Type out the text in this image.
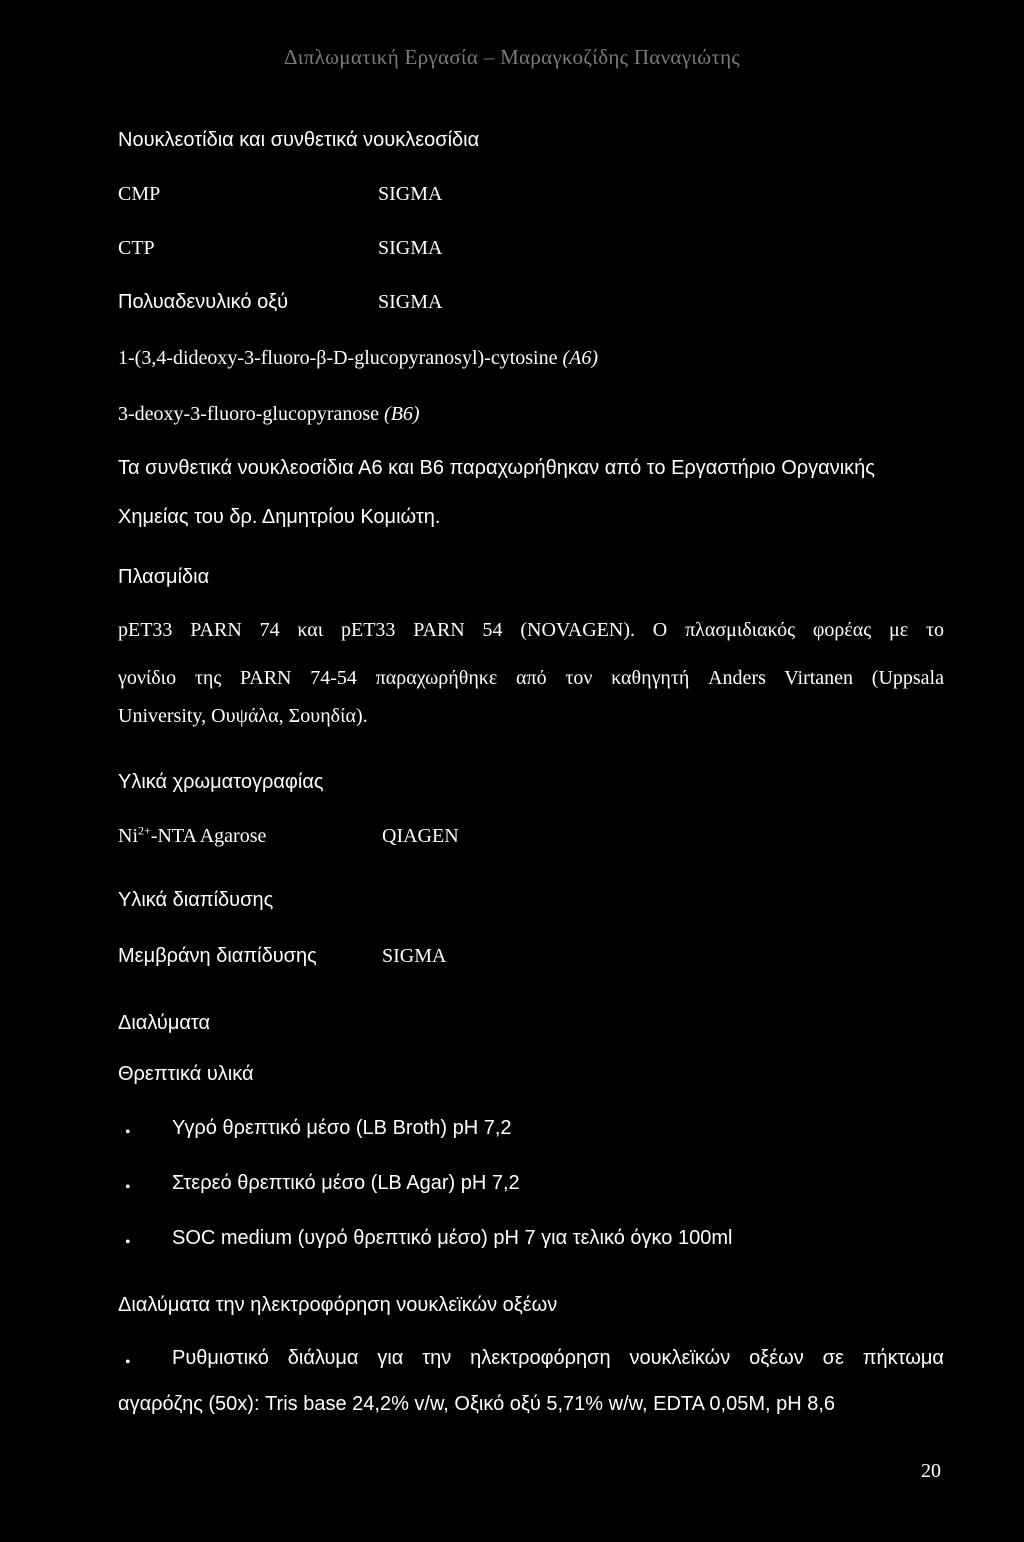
Διπλωματική Εργασία – Μαραγκοζίδης Παναγιώτης
Νουκλεοτίδια και συνθετικά νουκλεοσίδια
CMP	SIGMA
CTP	SIGMA
Πολυαδενυλικό οξύ	SIGMA
1-(3,4-dideoxy-3-fluoro-β-D-glucopyranosyl)-cytosine (Α6)
3-deoxy-3-fluoro-glucopyranose (Β6)
Τα συνθετικά νουκλεοσίδια Α6 και Β6 παραχωρήθηκαν από το Εργαστήριο Οργανικής
Χημείας του δρ. Δημητρίου Κομιώτη.
Πλασμίδια
pET33 PARN 74 και pET33 PARN 54 (NOVAGEN). Ο πλασμιδιακός φορέας με το
γονίδιο της PARN 74-54 παραχωρήθηκε από τον καθηγητή Anders Virtanen (Uppsala
University, Ουψάλα, Σουηδία).
Υλικά χρωματογραφίας
$Ni^{2+}$-NTA Agarose	QIAGEN
Υλικά διαπίδυσης
Μεμβράνη διαπίδυσης	SIGMA
Διαλύματα
Θρεπτικά υλικά
• Υγρό θρεπτικό μέσο (LB Broth) pH 7,2
• Στερεό θρεπτικό μέσο (LB Agar) pH 7,2
• SOC medium (υγρό θρεπτικό μέσο) pH 7 για τελικό όγκο 100ml
Διαλύματα την ηλεκτροφόρηση νουκλεϊκών οξέων
• Ρυθμιστικό διάλυμα για την ηλεκτροφόρηση νουκλεϊκών οξέων σε πήκτωμα
αγαρόζης (50x): Tris base 24,2% v/w, Οξικό οξύ 5,71% w/w, EDTA 0,05M, pH 8,6
20
